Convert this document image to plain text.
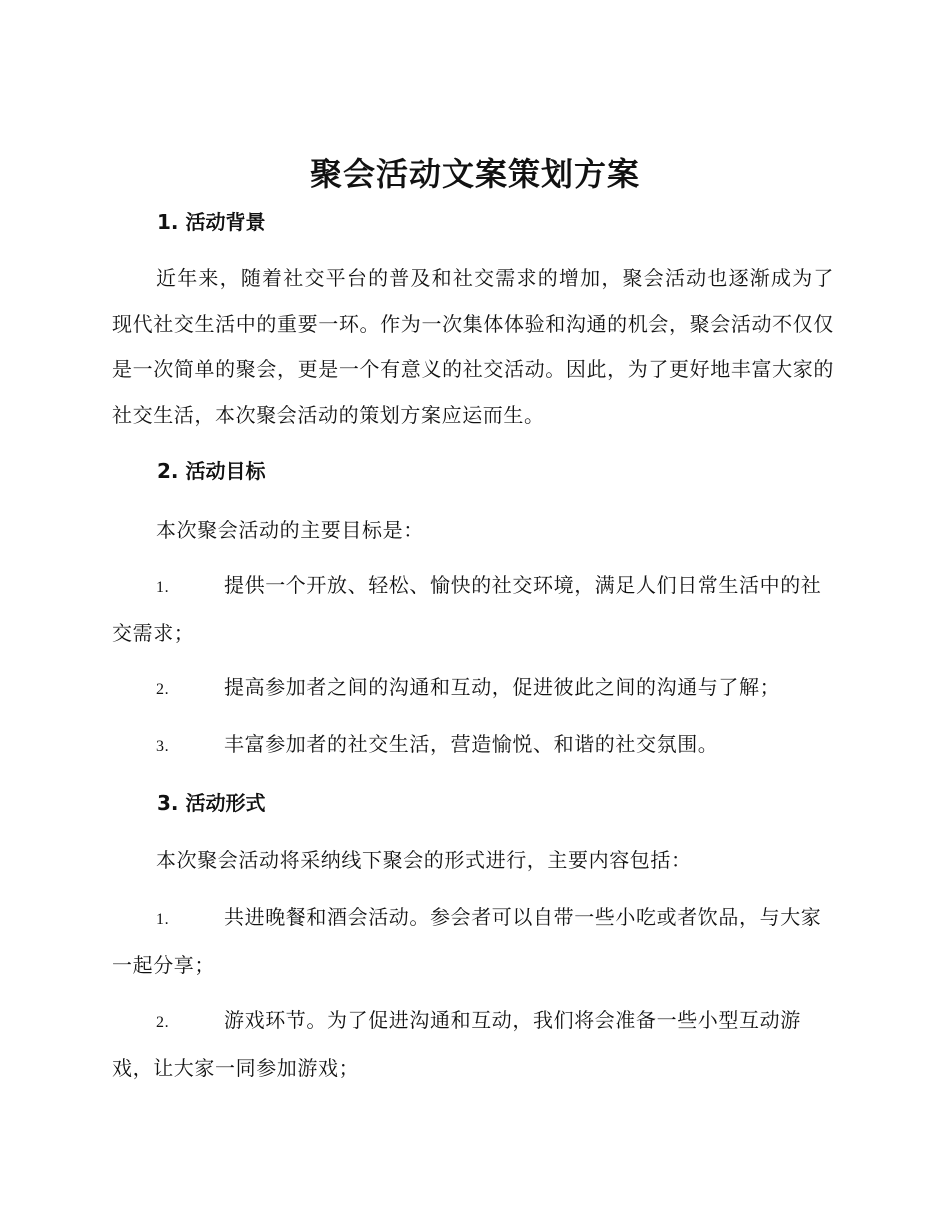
聚会活动文案策划方案
1. 活动背景
近年来，随着社交平台的普及和社交需求的增加，聚会活动也逐渐成为了现代社交生活中的重要一环。作为一次集体体验和沟通的机会，聚会活动不仅仅是一次简单的聚会，更是一个有意义的社交活动。因此，为了更好地丰富大家的社交生活，本次聚会活动的策划方案应运而生。
2. 活动目标
本次聚会活动的主要目标是：
1.	提供一个开放、轻松、愉快的社交环境，满足人们日常生活中的社交需求；
2.	提高参加者之间的沟通和互动，促进彼此之间的沟通与了解；
3.	丰富参加者的社交生活，营造愉悦、和谐的社交氛围。
3. 活动形式
本次聚会活动将采纳线下聚会的形式进行，主要内容包括：
1.	共进晚餐和酒会活动。参会者可以自带一些小吃或者饮品，与大家一起分享；
2.	游戏环节。为了促进沟通和互动，我们将会准备一些小型互动游戏，让大家一同参加游戏；
